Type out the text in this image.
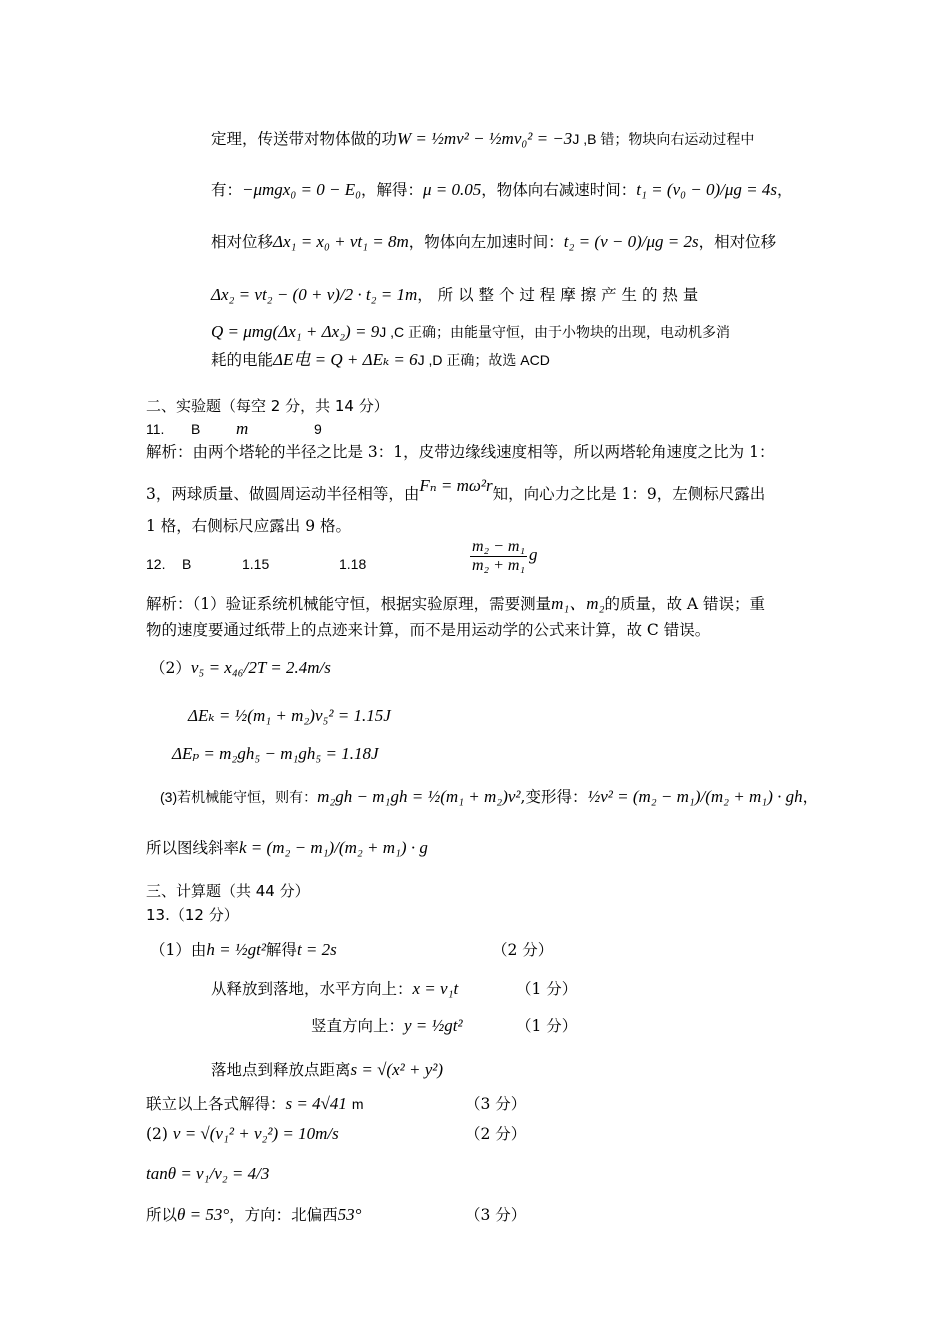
定理，传送带对物体做的功W = ½mv² − ½mv₀² = −3J ,B 错；物块向右运动过程中
有：−μmgx₀ = 0 − E₀，解得：μ = 0.05，物体向右减速时间：t₁ = (v₀ − 0)/μg = 4s，
相对位移Δx₁ = x₀ + vt₁ = 8m，物体向左加速时间：t₂ = (v − 0)/μg = 2s，相对位移
Δx₂ = vt₂ − (0 + v)/2 · t₂ = 1m， 所 以 整 个 过 程 摩 擦 产 生 的 热 量
Q = μmg(Δx₁ + Δx₂) = 9J ,C 正确；由能量守恒，由于小物块的出现，电动机多消
耗的电能ΔE电 = Q + ΔEₖ = 6J ,D 正确；故选 ACD
二、实验题（每空 2 分，共 14 分）
11. B m	9
解析：由两个塔轮的半径之比是 3：1，皮带边缘线速度相等，所以两塔轮角速度之比为 1：
3，两球质量、做圆周运动半径相等，由Fₙ = mω²r知，向心力之比是 1：9，左侧标尺露出
1 格，右侧标尺应露出 9 格。
12. B	1.15	1.18	$\frac{\text{m₂ − m₁}}{\text{m₂ + m₁}}$ g
解析：（1）验证系统机械能守恒，根据实验原理，需要测量m₁、m₂的质量，故 A 错误；重
物的速度要通过纸带上的点迹来计算，而不是用运动学的公式来计算，故 C 错误。
（2）v₅ = x₄₆/2T = 2.4m/s
ΔEₖ = ½(m₁ + m₂)v₅² = 1.15J
ΔEₚ = m₂gh₅ − m₁gh₅ = 1.18J
(3)若机械能守恒，则有：m₂gh − m₁gh = ½(m₁ + m₂)v²,变形得：½v² = (m₂ − m₁)/(m₂ + m₁) · gh，
所以图线斜率k = (m₂ − m₁)/(m₂ + m₁) · g
三、计算题（共 44 分）
13.（12 分）
（1）由h = ½gt²解得t = 2s	（2 分）
从释放到落地，水平方向上：x = v₁t	（1 分）
竖直方向上：y = ½gt²	（1 分）
落地点到释放点距离s = √(x² + y²)
联立以上各式解得：s = 4√41 m	（3 分）
(2) v = √(v₁² + v₂²) = 10m/s	（2 分）
tanθ = v₁/v₂ = 4/3
所以θ = 53°，方向：北偏西53°	（3 分）
